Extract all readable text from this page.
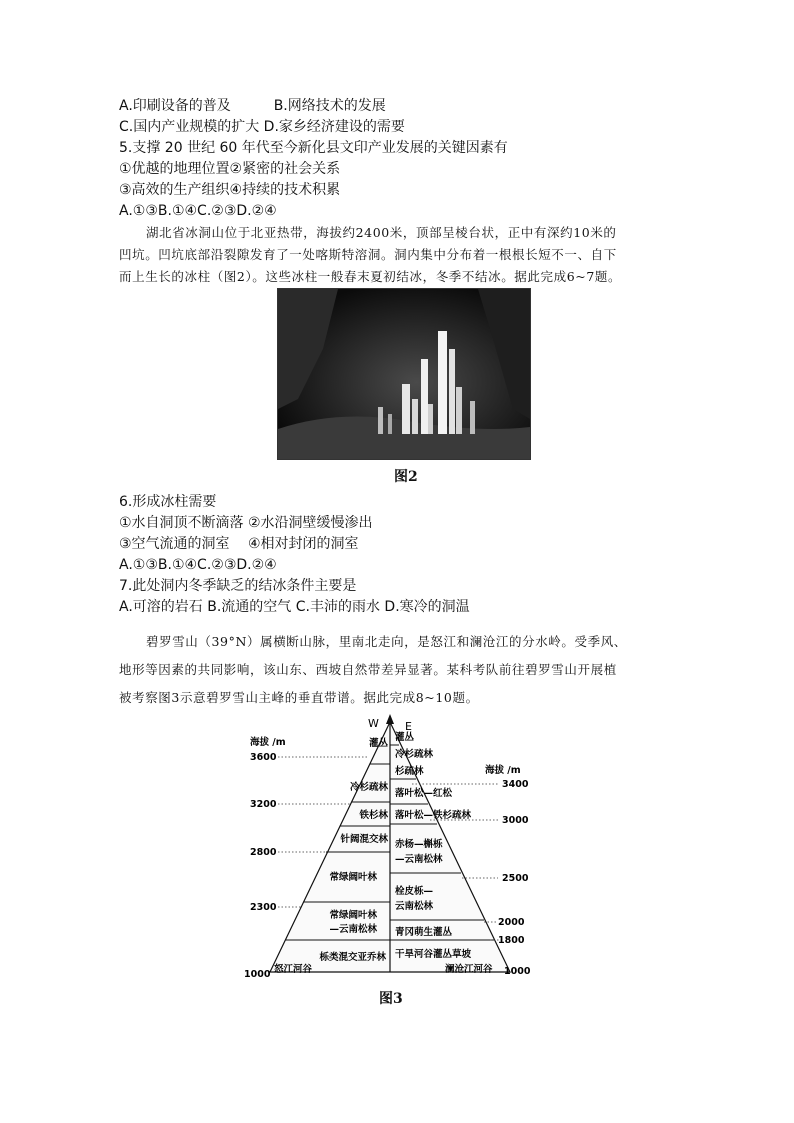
A.印刷设备的普及	B.网络技术的发展
C.国内产业规模的扩大 D.家乡经济建设的需要
5.支撑 20 世纪 60 年代至今新化县文印产业发展的关键因素有
①优越的地理位置②紧密的社会关系
③高效的生产组织④持续的技术积累
A.①③B.①④C.②③D.②④
湖北省冰洞山位于北亚热带，海拔约2400米，顶部呈棱台状，正中有深约10米的
凹坑。凹坑底部沿裂隙发育了一处喀斯特溶洞。洞内集中分布着一根根长短不一、自下
而上生长的冰柱（图2）。这些冰柱一般春末夏初结冰，冬季不结冰。据此完成6~7题。
图2
6.形成冰柱需要
①水自洞顶不断滴落 ②水沿洞壁缓慢渗出
③空气流通的洞室　 ④相对封闭的洞室
A.①③B.①④C.②③D.②④
7.此处洞内冬季缺乏的结冰条件主要是
A.可溶的岩石 B.流通的空气 C.丰沛的雨水 D.寒冷的洞温
碧罗雪山（39°N）属横断山脉，里南北走向，是怒江和澜沧江的分水岭。受季风、
地形等因素的共同影响，该山东、西坡自然带差异显著。某科考队前往碧罗雪山开展植
被考察图3示意碧罗雪山主峰的垂直带谱。据此完成8~10题。
W E
海拔 /m
海拔 /m
3600
3200
2800
2300
1000
3400
3000
2500
2000
1800
1000
灌丛
冷杉疏林
铁杉林
针阔混交林
常绿阔叶林
常绿阔叶林
—云南松林
栎类混交亚乔林
怒江河谷
灌丛
冷杉疏林
杉疏林
落叶松—红松
落叶松—铁杉疏林
赤杨—槲栎
—云南松林
栓皮栎—
云南松林
青冈萌生灌丛
干旱河谷灌丛草坡
澜沧江河谷
图3
